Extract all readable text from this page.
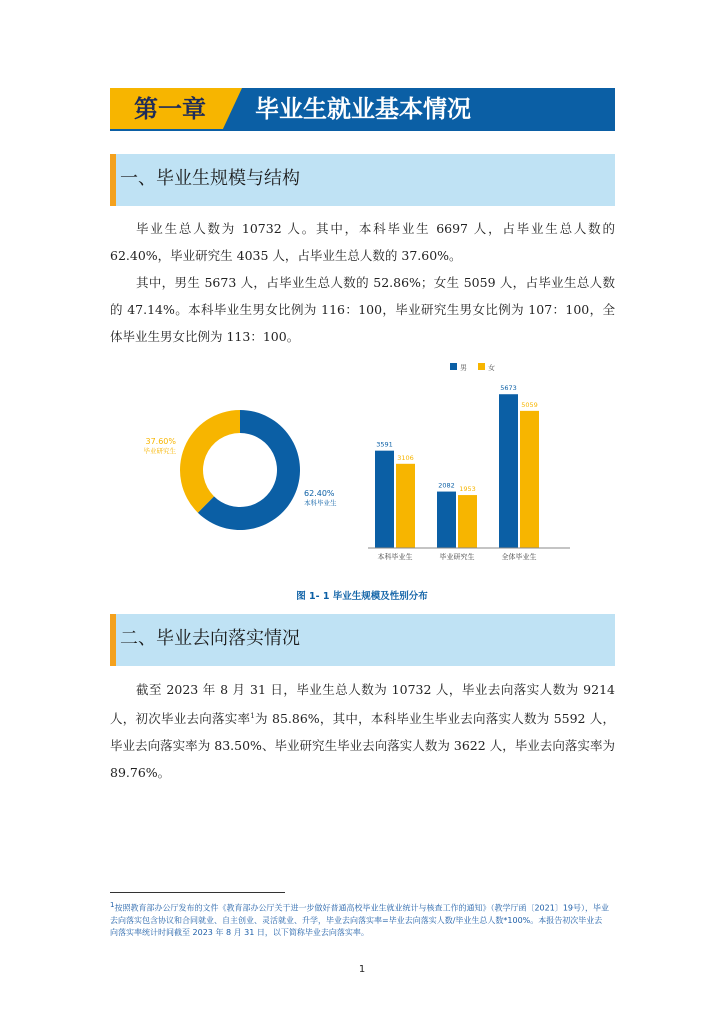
第一章 毕业生就业基本情况
一、毕业生规模与结构

毕业生总人数为 10732 人。其中，本科毕业生 6697 人，占毕业生总人数的 62.40%，毕业研究生 4035 人，占毕业生总人数的 37.60%。

其中，男生 5673 人，占毕业生总人数的 52.86%；女生 5059 人，占毕业生总人数的 47.14%。本科毕业生男女比例为 116：100，毕业研究生男女比例为 107：100，全体毕业生男女比例为 113：100。

62.40%
本科毕业生
37.60%
毕业研究生
男	女
3591
3106
本科毕业生
2082 1953
毕业研究生
5673
5059
全体毕业生
图 1- 1 毕业生规模及性别分布
二、毕业去向落实情况

截至 2023 年 8 月 31 日，毕业生总人数为 10732 人，毕业去向落实人数为 9214 人，初次毕业去向落实率$^1$为 85.86%，其中，本科毕业生毕业去向落实人数为 5592 人，毕业去向落实率为 83.50%、毕业研究生毕业去向落实人数为 3622 人，毕业去向落实率为 89.76%。

$^1$按照教育部办公厅发布的文件《教育部办公厅关于进一步做好普通高校毕业生就业统计与核查工作的通知》（教学厅函〔2021〕19号），毕业去向落实包含协议和合同就业、自主创业、灵活就业、升学，毕业去向落实率=毕业去向落实人数/毕业生总人数*100%。本报告初次毕业去向落实率统计时间截至 2023 年 8 月 31 日，以下简称毕业去向落实率。
1
